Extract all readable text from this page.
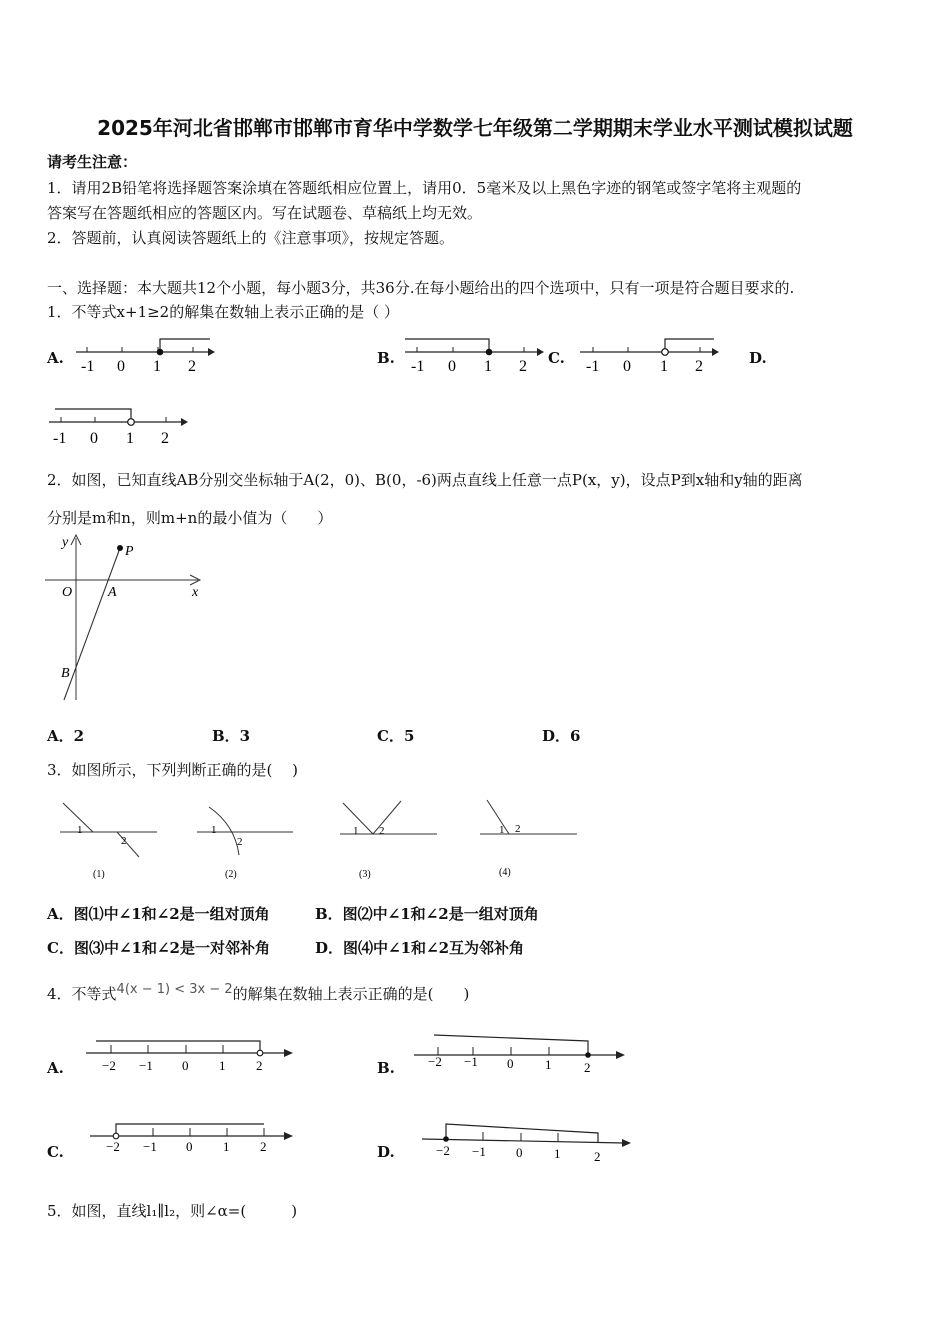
2025年河北省邯郸市邯郸市育华中学数学七年级第二学期期末学业水平测试模拟试题
请考生注意：
1．请用2B铅笔将选择题答案涂填在答题纸相应位置上，请用0．5毫米及以上黑色字迹的钢笔或签字笔将主观题的
答案写在答题纸相应的答题区内。写在试题卷、草稿纸上均无效。
2．答题前，认真阅读答题纸上的《注意事项》，按规定答题。
一、选择题：本大题共12个小题，每小题3分，共36分.在每小题给出的四个选项中，只有一项是符合题目要求的.
1．不等式x+1≥2的解集在数轴上表示正确的是（ ）
A. -1 0 1 2	B. -1 0 1 2 C. -1 0 1 2	D.
-1 0 1 2
2．如图，已知直线AB分别交坐标轴于A(2，0)、B(0，-6)两点直线上任意一点P(x，y)，设点P到x轴和y轴的距离
分别是m和n，则m+n的最小值为（　　）
y
x
O	A
B
P
A．2	B．3	C．5	D．6
3．如图所示，下列判断正确的是(　 )
1
2
(1)
1
2
(2)
1 2
(3)
1 2
(4)
A．图⑴中∠1和∠2是一组对顶角	B．图⑵中∠1和∠2是一组对顶角
C．图⑶中∠1和∠2是一对邻补角	D．图⑷中∠1和∠2互为邻补角
4．不等式4(x − 1) < 3x − 2的解集在数轴上表示正确的是(　　)
A.	−2 −1 0 1 2	B.	−2 −1 0 1	2
C.	−2 −1 0 1 2	D.	−2 −1 0 1	2
5．如图，直线l₁∥l₂，则∠α=(　　　)
